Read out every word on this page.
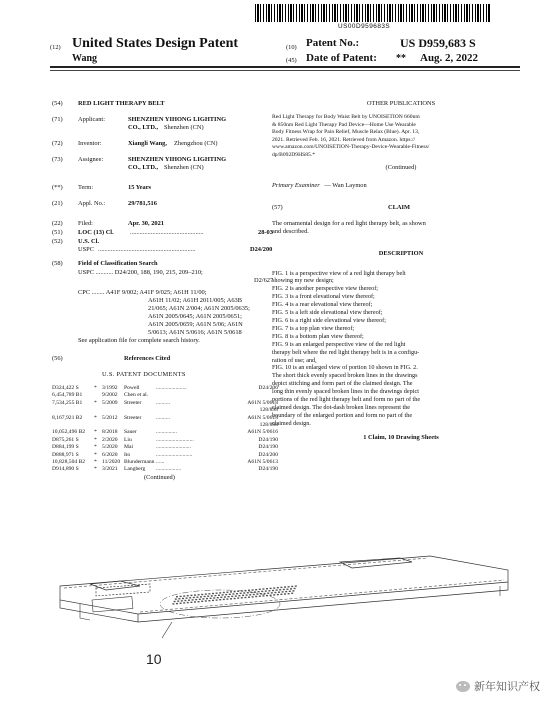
US00D959683S
(12) United States Design Patent	(10) Patent No.:	US D959,683 S
Wang	(45) Date of Patent: ** Aug. 2, 2022
(54)	RED LIGHT THERAPY BELT
(71)	Applicant:	SHENZHEN YIHONG LIGHTING
CO., LTD., Shenzhen (CN)
(72)	Inventor:	Xiangli Wang, Zhengzhou (CN)
(73)	Assignee:	SHENZHEN YIHONG LIGHTING
CO., LTD., Shenzhen (CN)
(**)	Term:	15 Years
(21)	Appl. No.:	29/781,516
(22)	Filed:	Apr. 30, 2021
(51)	LOC (13) Cl.	..............................................	28-03
(52)	U.S. Cl.
USPC .............................................................	D24/200
(58)	Field of Classification Search
USPC ........... D24/200, 188, 190, 215, 209–210;
D2/627
CPC ........ A41F 9/002; A41F 9/025; A61H 11/00;
A61H 11/02; A61H 2011/005; A63B
21/065; A61N 2/004; A61N 2005/0635;
A61N 2005/0645; A61N 2005/0651;
A61N 2005/0659; A61N 5/06; A61N
5/0613; A61N 5/0616; A61N 5/0618
See application file for complete search history.
(56)	References Cited
U.S. PATENT DOCUMENTS
D324,422 S	* 3/1992 Powell	......................	D24/206
6,454,789 B1	9/2002 Chen et al.
7,534,255 B1 * 5/2009 Streeter	..........	A61N 5/0618
128/898
8,167,921 B2 * 5/2012 Streeter	..........	A61N 5/0618
128/898
10,052,496 B2 * 8/2018 Sauer	...............	A61N 5/0616
D875,261 S	* 2/2020 Liu	...........................	D24/190
D884,199 S	* 5/2020 Mai	.........................	D24/190
D888,971 S	* 6/2020 Ito	..........................	D24/200
10,828,504 B2 * 11/2020 Blundermann ......	A61N 5/0613
D914,890 S	* 3/2021 Langberg ..................	D24/190
(Continued)
OTHER PUBLICATIONS
Red Light Therapy for Body Waist Belt by UNOISETION 660nm
& 850nm Red Light Therapy Pad Device—Home Use Wearable
Body Fitness Wrap for Pain Relief, Muscle Relax (Blue). Apr. 13,
2021. Retrieved Feb. 16, 2021. Retrieved from Amazon. https://
www.amazon.com/UNOISETION-Therapy-Device-Wearable-Fitness/
dp/B092D9HS85.*
(Continued)
Primary Examiner — Wan Laymon
(57)	CLAIM
The ornamental design for a red light therapy belt, as shown
and described.
DESCRIPTION
FIG. 1 is a perspective view of a red light therapy belt
showing my new design;
FIG. 2 is another perspective view thereof;
FIG. 3 is a front elevational view thereof;
FIG. 4 is a rear elevational view thereof;
FIG. 5 is a left side elevational view thereof;
FIG. 6 is a right side elevational view thereof;
FIG. 7 is a top plan view thereof;
FIG. 8 is a bottom plan view thereof;
FIG. 9 is an enlarged perspective view of the red light
therapy belt where the red light therapy belt is in a configu-
ration of use; and,
FIG. 10 is an enlarged view of portion 10 shown in FIG. 2.
The short thick evenly spaced broken lines in the drawings
depict stitching and form part of the claimed design. The
long thin evenly spaced broken lines in the drawings depict
portions of the red light therapy belt and form no part of the
claimed design. The dot-dash broken lines represent the
boundary of the enlarged portion and form no part of the
claimed design.
1 Claim, 10 Drawing Sheets
10
新年知识产权
